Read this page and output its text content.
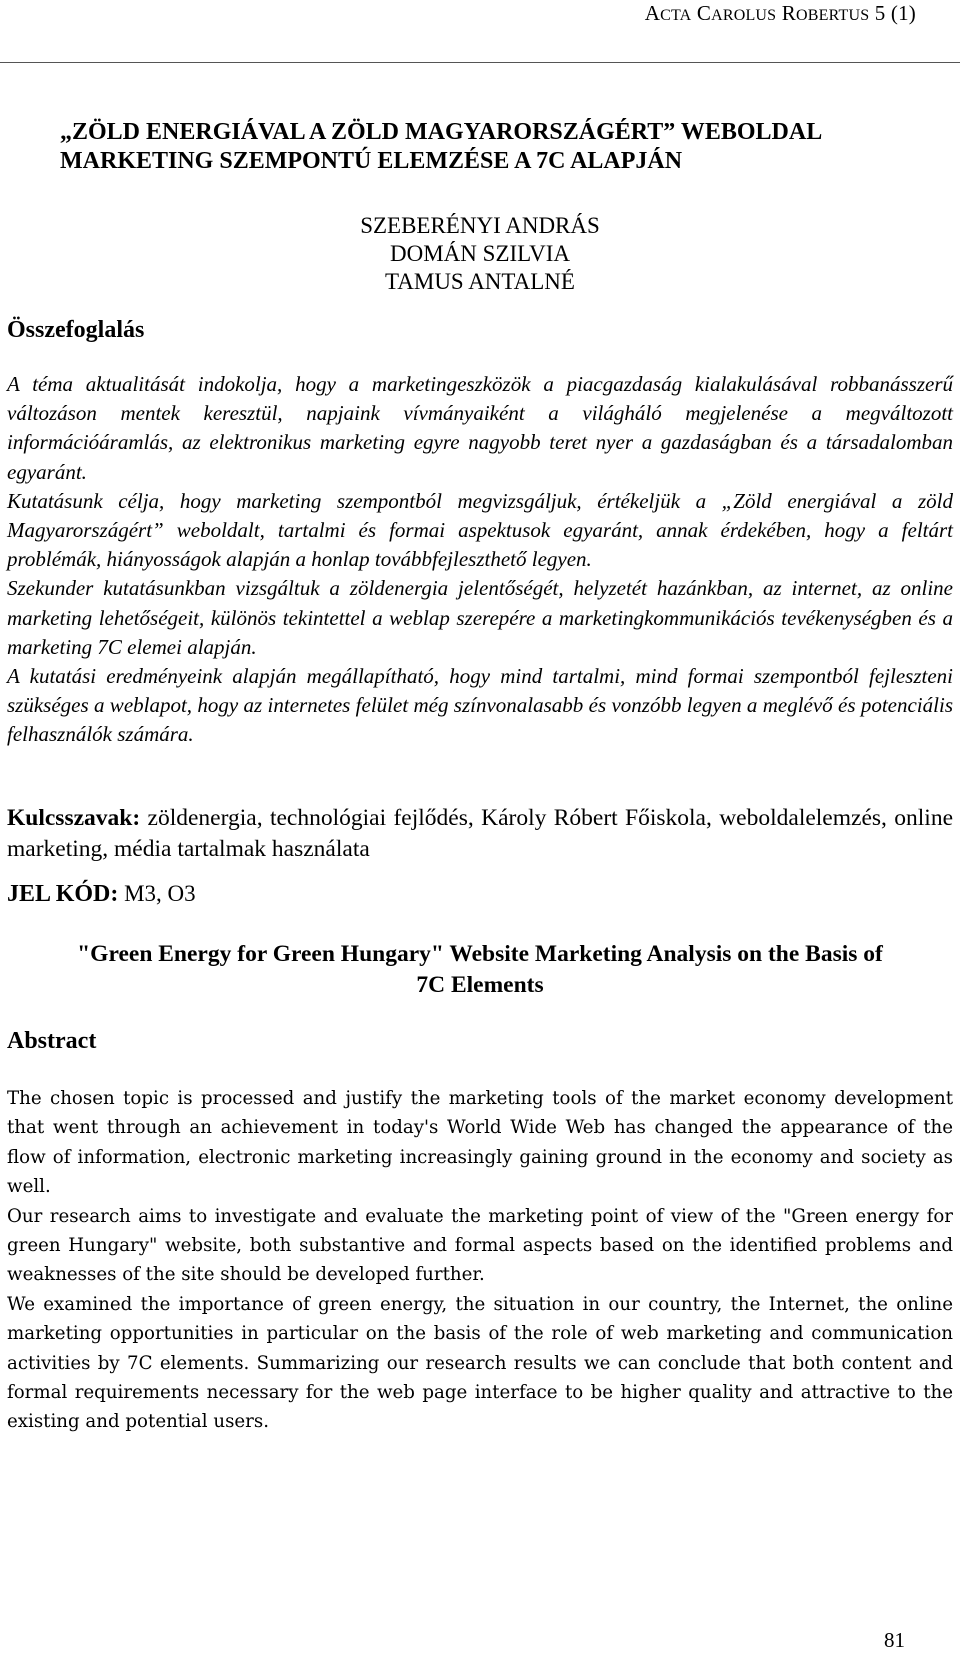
ACTA CAROLUS ROBERTUS 5 (1)
„ZÖLD ENERGIÁVAL A ZÖLD MAGYARORSZÁGÉRT” WEBOLDAL
MARKETING SZEMPONTÚ ELEMZÉSE A 7C ALAPJÁN
SZEBERÉNYI ANDRÁS
DOMÁN SZILVIA
TAMUS ANTALNÉ
Összefoglalás

A téma aktualitását indokolja, hogy a marketingeszközök a piacgazdaság kialakulásával robbanásszerű változáson mentek keresztül, napjaink vívmányaiként a világháló megjelenése a megváltozott információáramlás, az elektronikus marketing egyre nagyobb teret nyer a gazdaságban és a társadalomban egyaránt.

Kutatásunk célja, hogy marketing szempontból megvizsgáljuk, értékeljük a „Zöld energiával a zöld Magyarországért” weboldalt, tartalmi és formai aspektusok egyaránt, annak érdekében, hogy a feltárt problémák, hiányosságok alapján a honlap továbbfejleszthető legyen.

Szekunder kutatásunkban vizsgáltuk a zöldenergia jelentőségét, helyzetét hazánkban, az internet, az online marketing lehetőségeit, különös tekintettel a weblap szerepére a marketingkommunikációs tevékenységben és a marketing 7C elemei alapján.

A kutatási eredményeink alapján megállapítható, hogy mind tartalmi, mind formai szempontból fejleszteni szükséges a weblapot, hogy az internetes felület még színvonalasabb és vonzóbb legyen a meglévő és potenciális felhasználók számára.

Kulcsszavak: zöldenergia, technológiai fejlődés, Károly Róbert Főiskola, weboldalelemzés, online marketing, média tartalmak használata
JEL KÓD: M3, O3
"Green Energy for Green Hungary" Website Marketing Analysis on the Basis of
7C Elements
Abstract

The chosen topic is processed and justify the marketing tools of the market economy development that went through an achievement in today's World Wide Web has changed the appearance of the flow of information, electronic marketing increasingly gaining ground in the economy and society as well.

Our research aims to investigate and evaluate the marketing point of view of the "Green energy for green Hungary" website, both substantive and formal aspects based on the identified problems and weaknesses of the site should be developed further.

We examined the importance of green energy, the situation in our country, the Internet, the online marketing opportunities in particular on the basis of the role of web marketing and communication activities by 7C elements. Summarizing our research results we can conclude that both content and formal requirements necessary for the web page interface to be higher quality and attractive to the existing and potential users.

81
